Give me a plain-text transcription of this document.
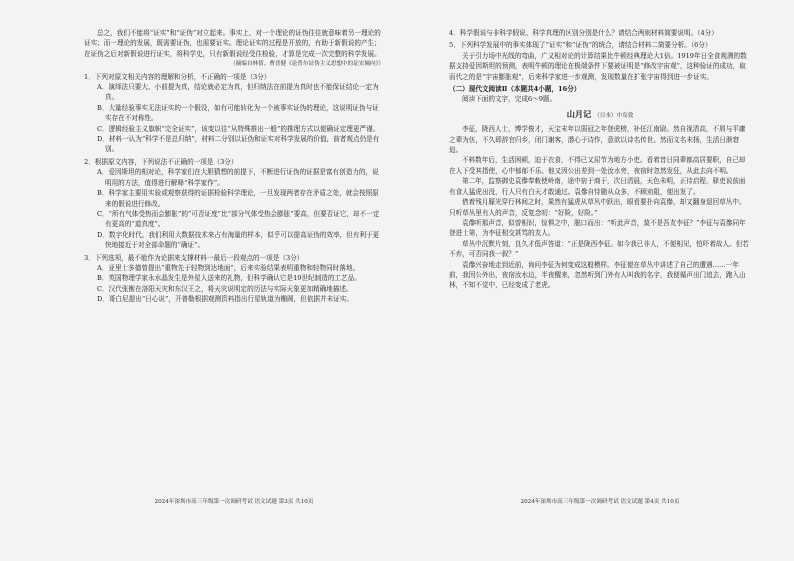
总之，我们不能将“证实”和“证伪”对立起来。事实上，对一个理论的证伪往往就意味着另一理论的证实；而一理论的发展，既需要证伪，也需要证实。理论证实的过程是开放的，有助于新假说的产生；在证伪之后对新假说进行证实，将科学史，只有新假说经受住检验，才算是完成一次完整的科学发展。

（摘编自林倩、曹晋健《论普尔证伪主义思想中的证实倾向》）

1．下列对原文相关内容的理解和分析，不正确的一项是（3分）

A．演绎法只要大、小前提为真，结论就必定为真，但归纳法在前提为真时也不能保证结论一定为真。

B．大量经验事实无法证实的一个假设，如有可能转化为一个被事实证伪的理论，这说明证伪与证实存在不对称性。

C．逻辑经验主义旗帜“完全证实”，该变以往“从特殊推出一般”的推理方式以便确证定理更严谨。

D．材料一认为“科学不是总归纳”，材料二分别以证伪和证实对科学发展的价值，前者观点仍是有别。

2．根据原文内容，下列说法不正确的一项是（3分）

A．爱因斯坦的相对论，科学家们在大胆猜想的前提下，不断进行证伪的证据是富有创造力的，说明用的方法，值得进行解释“科学家作”。

B．科学家主要用实验或观察获得的证据检验科学理论，一旦发现两者存在矛盾之处，就会按照原来的假说进行修改。

C．“所有气体受热而会膨胀”的“可否证度”比“部分气体受热会膨胀”要高，但要否证它，却不一定有更高的“道真度”。

D．数字化时代，我们利用大数据技术来占有海量的样本，似乎可以提高证伪的效率，但有利于更快地接近于对全部命题的“确证”。

3．下列选项，最不能作为论据来支撑材料一最后一段观点的一项是（3分）

A．亚里士多德曾提出“重物先于轻物到达地面”，后来实验结果表明重物和轻物同时落地。

B．英国物理学家永水晶发生是外星人送来的礼物，但科学确认它是19世纪制造的工艺品。

C．汉代张衡在洛阳天灾和东汉王之，将天灾说明定的历法与实际天象更加精确地描述。

D．哥白尼提出“日心说”，开普勒根据观测资料指出行星轨道为椭圆，但依据并未证实。

2024年深圳市高三年级第一次调研考试 语文试题 第3页 共10页

4．科学假说与非科学假说、科学真理的区别分别是什么？请结合两则材料简要说明。（4分）

5．下列科学发展中的事实体现了“证实”和“证伪”的统合，请结合材料二简要分析。（6分）

关于引力场中光线的弯曲，广义相对论的计算结果比牛顿经典理论大1倍。1919年日全食观测的数据支持爱因斯坦的预测，表明牛顿的理论在极端条件下要被证明是“修改宇宙观”，这种验证的成功，取而代之的是“宇宙膨胀观”，后来科学家进一步观测，发现数量在扩张宇宙得到进一步证实。

（二）现代文阅读Ⅱ（本题共4小题，16分）

阅读下面的文字，完成6～9题。

山月记 （日本）中岛敦

李征，陇西人士，博学俊才，天宝末年以弱冠之年登虎榜，补任江南尉。然自视清高，不屑与平庸之辈为伍，不久即辞官归乡，闭门谢客，潜心于诗作，意欲以诗名传世。然而文名未扬，生活日渐窘迫。

不料数年后，生活困顿，迫于衣食，不得已又屈节为地方小吏。看着昔日同辈都高居要职，自己却在人下受其指使，心中郁郁不乐。他又因公出差到一处汝水旁，夜宿时忽然发狂，从此去向不明。

第二年，监察御史袁傪奉敕使岭南，途中宿于商于，次日清晨，天色未明，正待启程，驿吏说前面有食人猛虎出没，行人只有白天才敢通过。袁傪自恃随从众多，不顾劝阻，便出发了。

借着残月朦光穿行林间之时，果然有猛虎从草丛中跃出，眼看要扑向袁傪，却又翻身退回草丛中。只听草丛里有人的声音，反复念叨：“好险，好险。”

袁傪听那声音，似曾相识，惊惧之中，脱口而出：“听此声音，莫不是吾友李征？”李征与袁傪同年登进士第，为李征相交甚笃的友人。

草丛中沉默片刻，良久才低声答道：“正是陇西李征。如今我已非人，不便相见，怕吓着故人。但若不弃，可否同我一叙？”

袁傪兴奋地走到近前，询问李征为何变成这般模样。李征便在草丛中讲述了自己的遭遇……一年前，我因公外出，夜宿汝水边，半夜醒来，忽然听到门外有人叫我的名字，我便循声出门追去，跑入山林，不知不觉中，已经变成了老虎。

2024年深圳市高三年级第一次调研考试 语文试题 第4页 共10页
